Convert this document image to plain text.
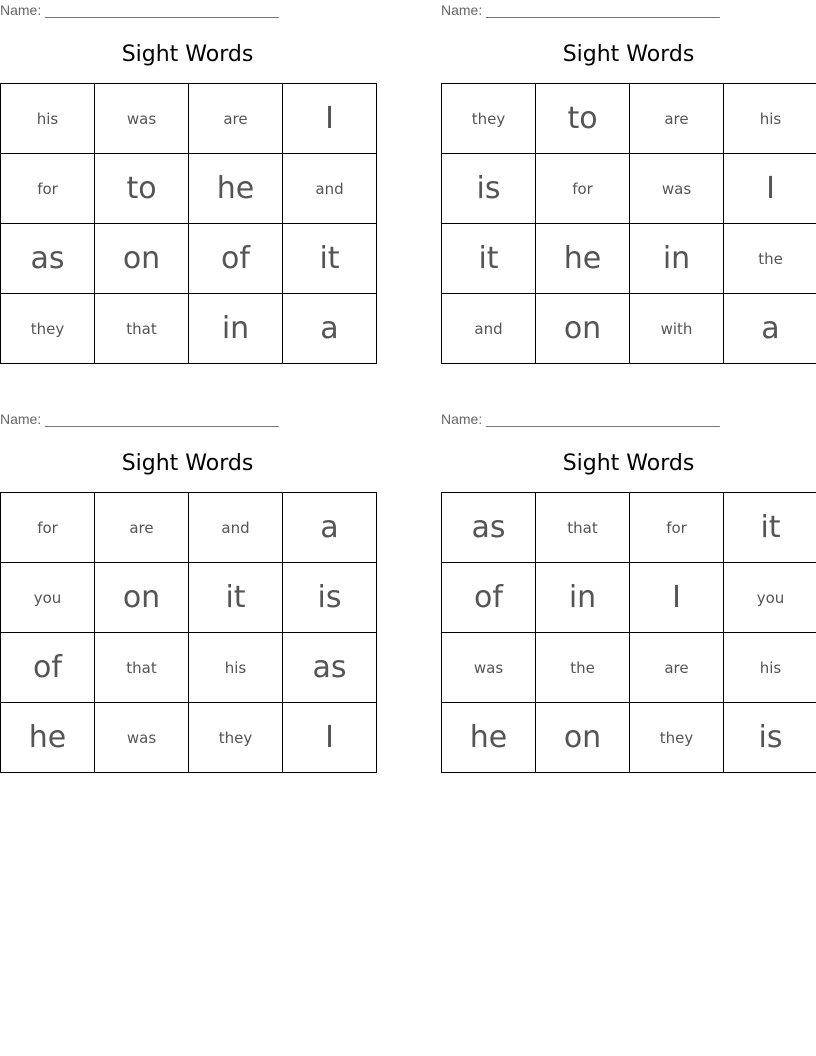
Name: ______________________________
Sight Words
his	was	are	I
for	to	he	and
as	on	of	it
they	that	in	a
Name: ______________________________
Sight Words
they	to	are	his
is	for	was	I
it	he	in	the
and	on	with	a
Name: ______________________________
Sight Words
for	are	and	a
you	on	it	is
of	that	his	as
he	was	they	I
Name: ______________________________
Sight Words
as	that	for	it
of	in	I	you
was	the	are	his
he	on	they	is
